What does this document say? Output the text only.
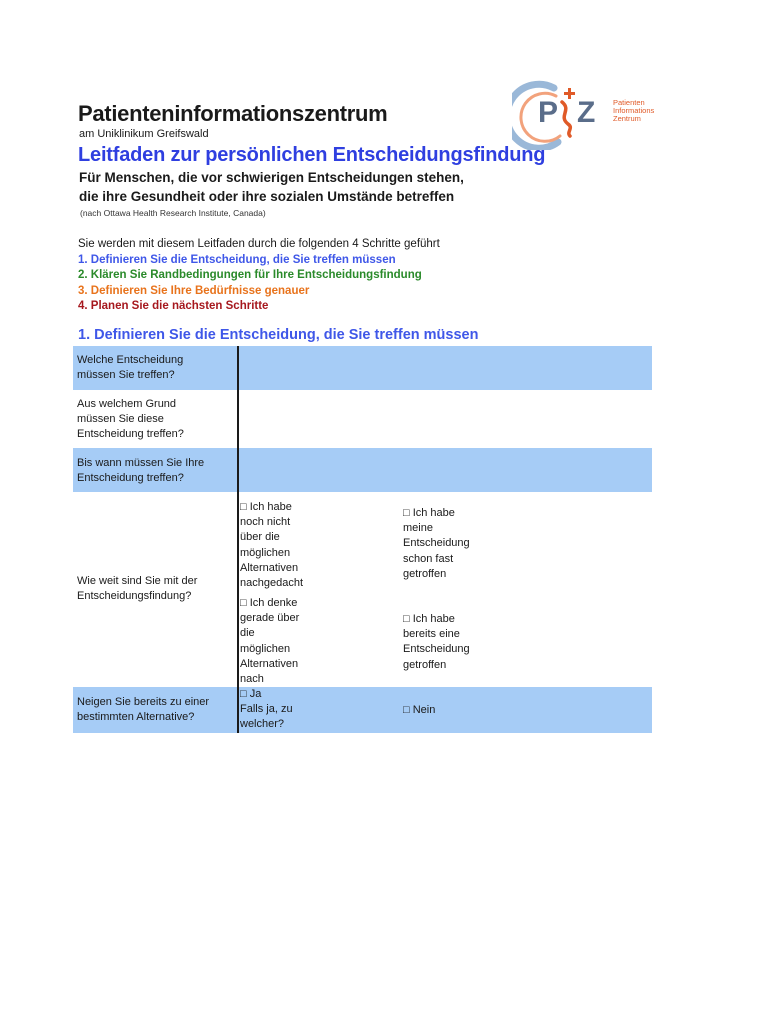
Patienteninformationszentrum
am Uniklinikum Greifswald
P Z Patienten
Informations
Zentrum
Leitfaden zur persönlichen Entscheidungsfindung
Für Menschen, die vor schwierigen Entscheidungen stehen,
die ihre Gesundheit oder ihre sozialen Umstände betreffen
(nach Ottawa Health Research Institute, Canada)
Sie werden mit diesem Leitfaden durch die folgenden 4 Schritte geführt
1. Definieren Sie die Entscheidung, die Sie treffen müssen
2. Klären Sie Randbedingungen für Ihre Entscheidungsfindung
3. Definieren Sie Ihre Bedürfnisse genauer
4. Planen Sie die nächsten Schritte
1. Definieren Sie die Entscheidung, die Sie treffen müssen
Welche Entscheidung
müssen Sie treffen?
Aus welchem Grund
müssen Sie diese
Entscheidung treffen?
Bis wann müssen Sie Ihre
Entscheidung treffen?
Wie weit sind Sie mit der
Entscheidungsfindung?
□ Ich habe
noch nicht
über die
möglichen
Alternativen
nachgedacht
□ Ich habe
meine
Entscheidung
schon fast
getroffen
□ Ich denke
gerade über
die
möglichen
Alternativen
nach
□ Ich habe
bereits eine
Entscheidung
getroffen
Neigen Sie bereits zu einer
bestimmten Alternative?
□ Ja
Falls ja, zu
welcher?
□ Nein
